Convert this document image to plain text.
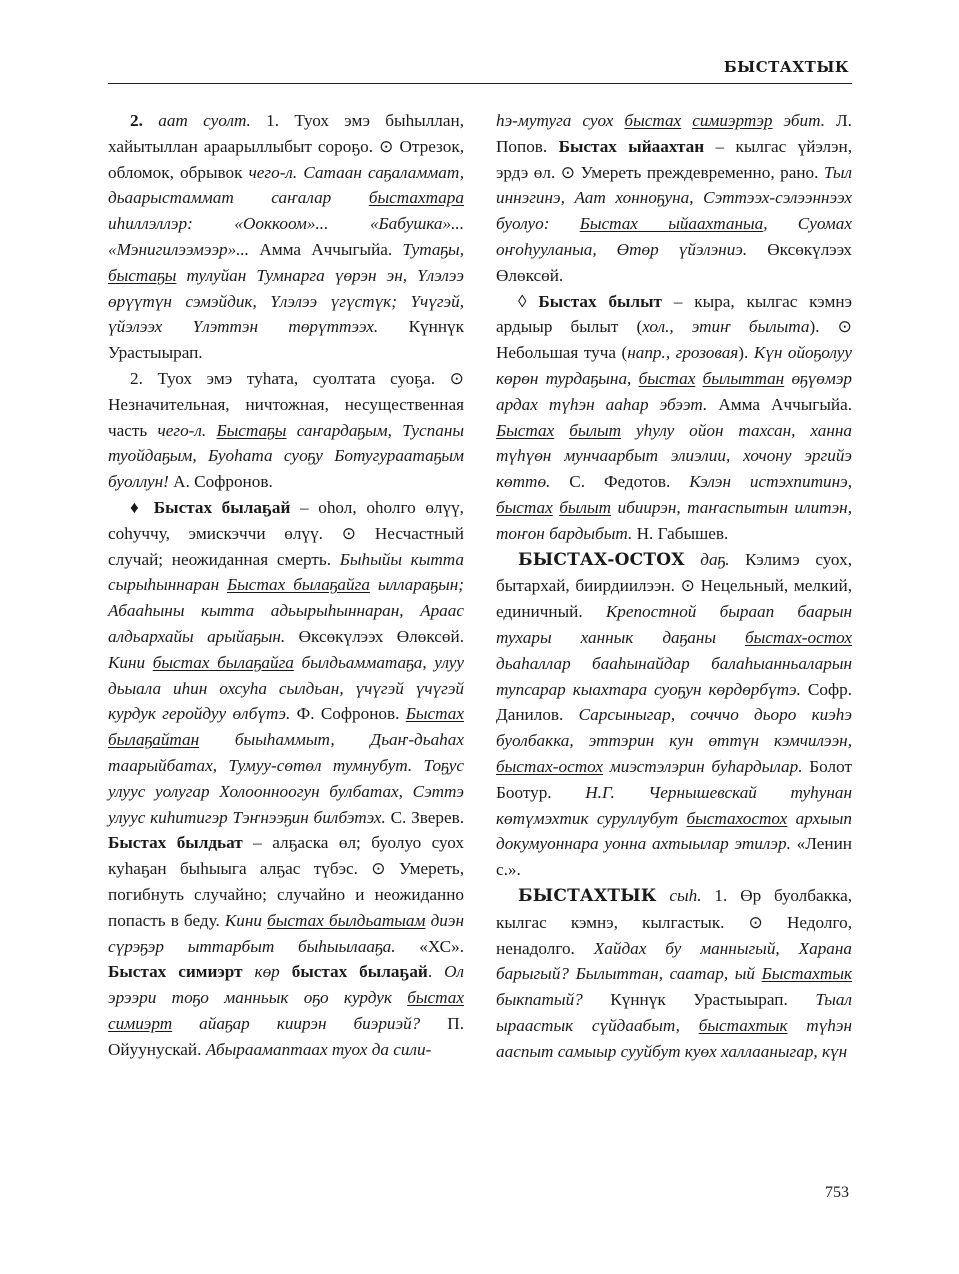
БЫСТАХТЫК

2. аат суолт. 1. Туох эмэ быһыллан, хайытыллан араарыллыбыт сороҕо. ⊙ Отрезок, обломок, обрывок чего-л. Сатаан саҕаламмат, дьаарыстаммат саҥалар быстахтара иһиллэллэр: «Ооккоом»... «Бабушка»... «Мэнигилээмээр»... Амма Аччыгыйа. Тутаҕы, быстаҕы тулуйан Тумнарга үөрэн эн, Үлэлээ өрүүтүн сэмэйдик, Үлэлээ үгүстүк; Үчүгэй, үйэлээх Үлэттэн төрүттээх. Күннүк Урастыырап.

2. Туох эмэ туһата, суолтата суоҕа. ⊙ Незначительная, ничтожная, несущественная часть чего-л. Быстаҕы саҥардаҕым, Туспаны туойдаҕым, Буоһата суоҕу Ботугураатаҕым буоллун! А. Софронов.

♦ Быстах былаҕай – оһол, оһолго өлүү, соһуччу, эмискэччи өлүү. ⊙ Несчастный случай; неожиданная смерть. Быһыйы кытта сырыһыннаран Быстах былаҕайга ыллараҕын; Абааһыны кытта адьырыһыннаран, Араас алдьархайы арыйаҕын. Өксөкүлээх Өлөксөй. Кини быстах былаҕайга былдьамматаҕа, улуу дьыала иһин охсуһа сылдьан, үчүгэй үчүгэй курдук геройдуу өлбүтэ. Ф. Софронов. Быстах былаҕайтан быыһаммыт, Дьаҥ-дьаһах таарыйбатах, Тумуу-сөтөл тумнубут. Тоҕус улуус уолугар Холоонноогун булбатах, Сэттэ улуус киһитигэр Тэҥнээҕин билбэтэх. С. Зверев. Быстах былдьат – алҕаска өл; буолуо суох куһаҕан быһыыга алҕас түбэс. ⊙ Умереть, погибнуть случайно; случайно и неожиданно попасть в беду. Кини быстах былдьатыам диэн сүрэҕэр ыттарбыт быһыылааҕа. «ХС». Быстах симиэрт көр быстах былаҕай. Ол эрээри тоҕо манньык оҕо курдук быстах симиэрт айаҕар киирэн биэриэй? П. Ойуунускай. Абыраамаптаах туох да сили-

һэ-мутуга суох быстах симиэртэр эбит. Л. Попов. Быстах ыйаахтан – кылгас үйэлэн, эрдэ өл. ⊙ Умереть преждевременно, рано. Тыл иннэгинэ, Аат хонноҕуна, Сэттээх-сэлээннээх буолуо: Быстах ыйаахтаныа, Суомах оҥоһууланыа, Өтөр үйэлэниэ. Өксөкүлээх Өлөксөй.

◊ Быстах былыт – кыра, кылгас кэмнэ ардыыр былыт (хол., этиҥ былыта). ⊙ Небольшая туча (напр., грозовая). Күн ойоҕолуу көрөн турдаҕына, быстах былыттан өҕүөмэр ардах түһэн ааһар эбээт. Амма Аччыгыйа. Быстах былыт уһулу ойон тахсан, ханна түһүөн мунчаарбыт элиэлии, хочону эргийэ көттө. С. Федотов. Кэлэн истэхпитинэ, быстах былыт ибиирэн, таҥаспытын илитэн, тоҥон бардыбыт. Н. Габышев.

БЫСТАХ-ОСТОХ даҕ. Кэлимэ суох, бытархай, биирдиилээн. ⊙ Нецельный, мелкий, единичный. Крепостной быраап баарын тухары ханнык даҕаны быстах-остох дьаһаллар бааһынайдар балаһыанньаларын тупсарар кыахтара суоҕун көрдөрбүтэ. Софр. Данилов. Сарсыныгар, сочччо дьоро киэһэ буолбакка, эттэрин кун өттүн кэмчилээн, быстах-остох миэстэлэрин буһардылар. Болот Боотур. Н.Г. Чернышевскай туһунан көтүмэхтик суруллубут быстахостох архыып докумуоннара уонна ахтыылар этилэр. «Ленин с.».

БЫСТАХТЫК сыһ. 1. Өр буолбакка, кылгас кэмнэ, кылгастык. ⊙ Недолго, ненадолго. Хайдах бу манныгый, Харана барыгый? Былыттан, саатар, ый Быстахтык быкпатый? Күннүк Урастыырап. Тыал ыраастык сүйдаабыт, быстахтык түһэн ааспыт самыыр сууйбут куөх халлааныгар, күн

753
